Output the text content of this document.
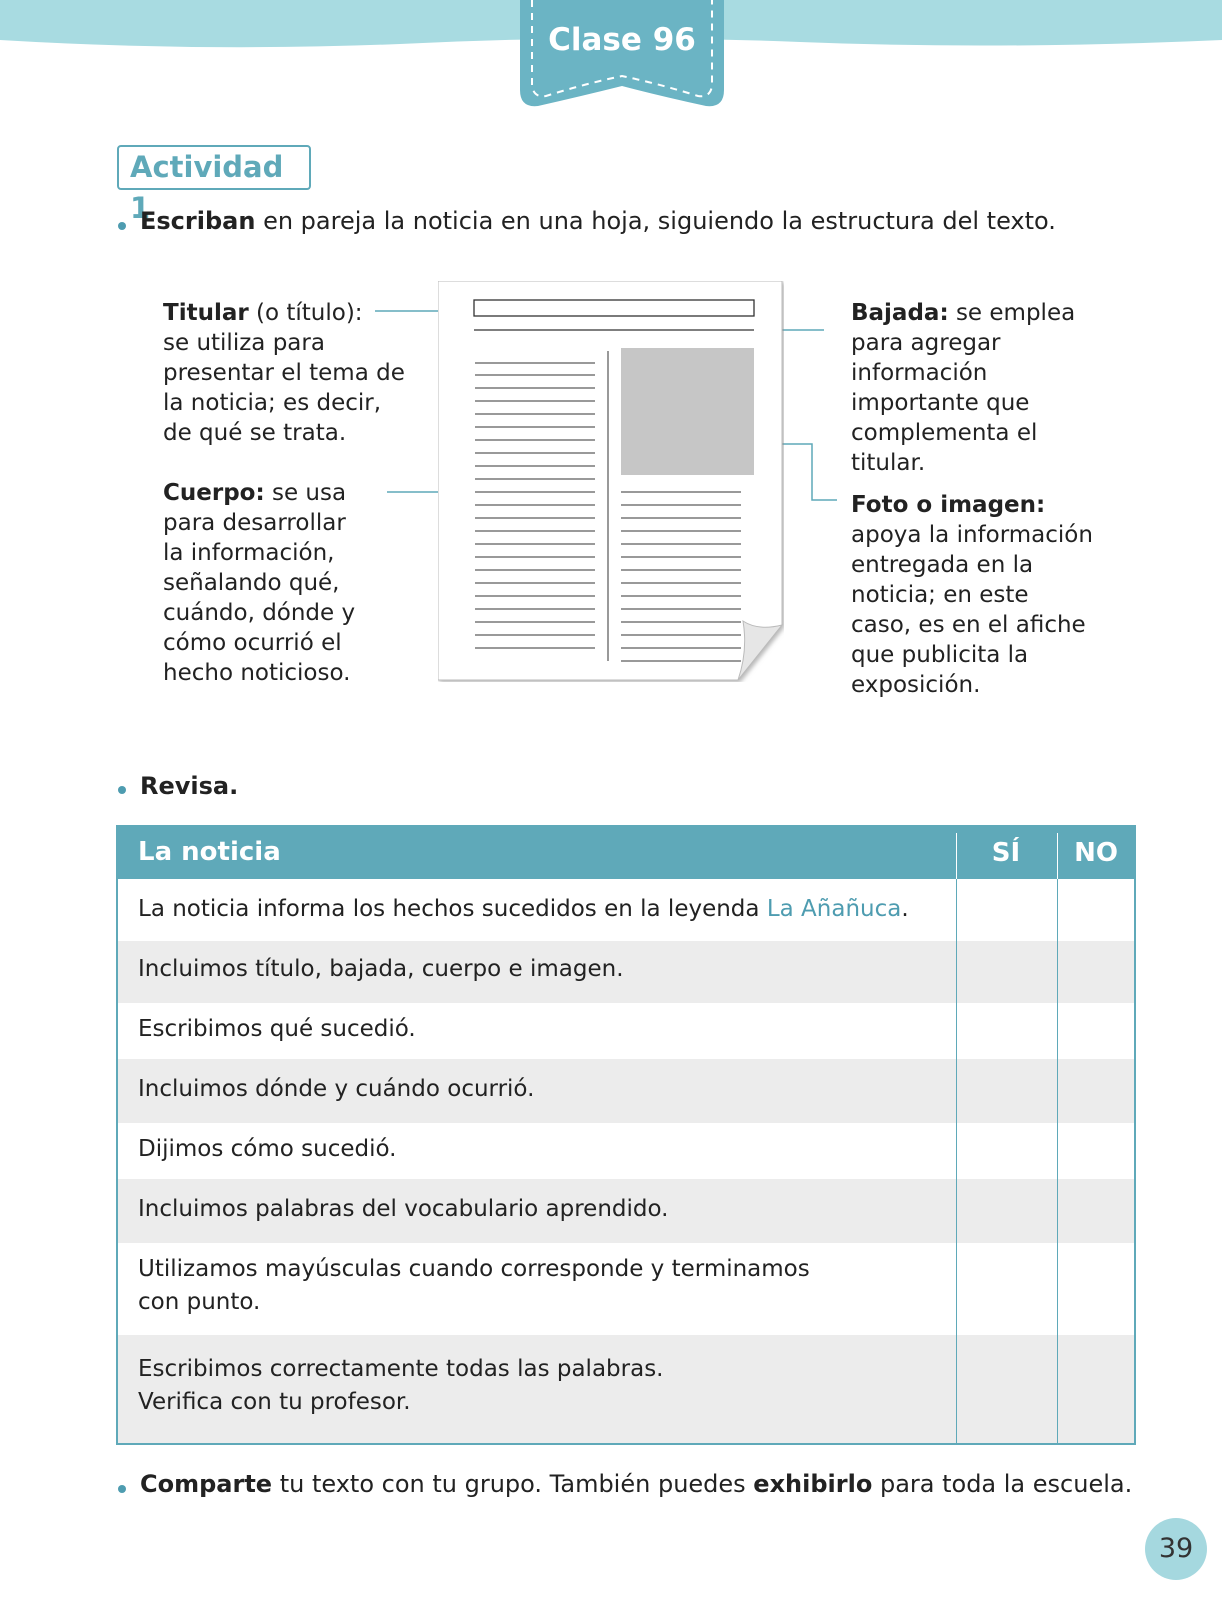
Clase 96
Actividad 1
Escriban en pareja la noticia en una hoja, siguiendo la estructura del texto.
Titular (o título):
se utiliza para
presentar el tema de
la noticia; es decir,
de qué se trata.
Cuerpo: se usa
para desarrollar
la información,
señalando qué,
cuándo, dónde y
cómo ocurrió el
hecho noticioso.
Bajada: se emplea
para agregar
información
importante que
complementa el
titular.
Foto o imagen:
apoya la información
entregada en la
noticia; en este
caso, es en el afiche
que publicita la
exposición.
Revisa.
La noticia	SÍ	NO
La noticia informa los hechos sucedidos en la leyenda La Añañuca.
Incluimos título, bajada, cuerpo e imagen.
Escribimos qué sucedió.
Incluimos dónde y cuándo ocurrió.
Dijimos cómo sucedió.
Incluimos palabras del vocabulario aprendido.
Utilizamos mayúsculas cuando corresponde y terminamos
con punto.
Escribimos correctamente todas las palabras.
Verifica con tu profesor.
Comparte tu texto con tu grupo. También puedes exhibirlo para toda la escuela.
39
